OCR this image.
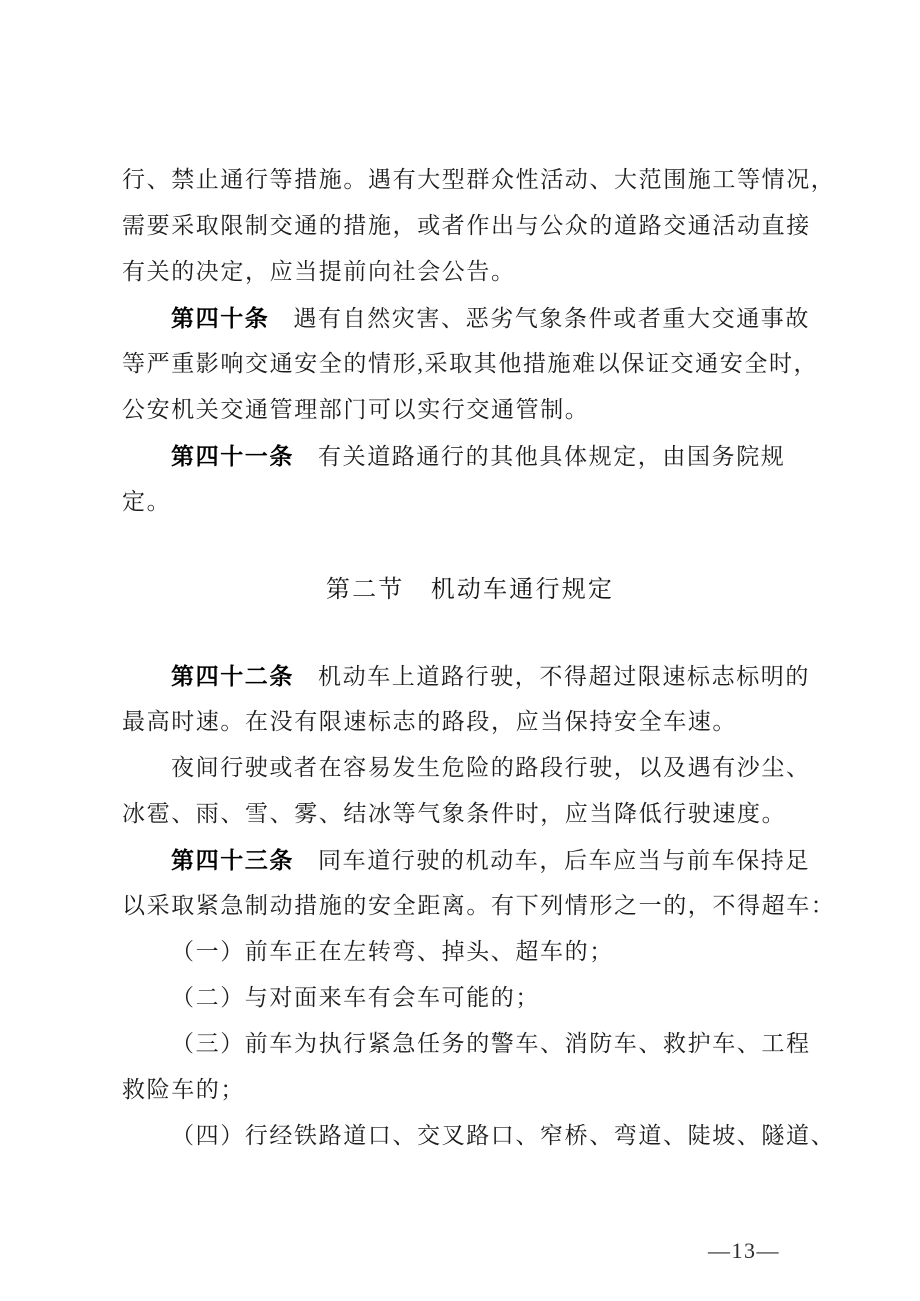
行、禁止通行等措施。遇有大型群众性活动、大范围施工等情况，
需要采取限制交通的措施，或者作出与公众的道路交通活动直接
有关的决定，应当提前向社会公告。
第四十条 遇有自然灾害、恶劣气象条件或者重大交通事故
等严重影响交通安全的情形,采取其他措施难以保证交通安全时，
公安机关交通管理部门可以实行交通管制。
第四十一条 有关道路通行的其他具体规定，由国务院规
定。
第二节　机动车通行规定
第四十二条 机动车上道路行驶，不得超过限速标志标明的
最高时速。在没有限速标志的路段，应当保持安全车速。
夜间行驶或者在容易发生危险的路段行驶，以及遇有沙尘、
冰雹、雨、雪、雾、结冰等气象条件时，应当降低行驶速度。
第四十三条 同车道行驶的机动车，后车应当与前车保持足
以采取紧急制动措施的安全距离。有下列情形之一的，不得超车：
（一）前车正在左转弯、掉头、超车的；
（二）与对面来车有会车可能的；
（三）前车为执行紧急任务的警车、消防车、救护车、工程
救险车的；
（四）行经铁路道口、交叉路口、窄桥、弯道、陡坡、隧道、
—13—
